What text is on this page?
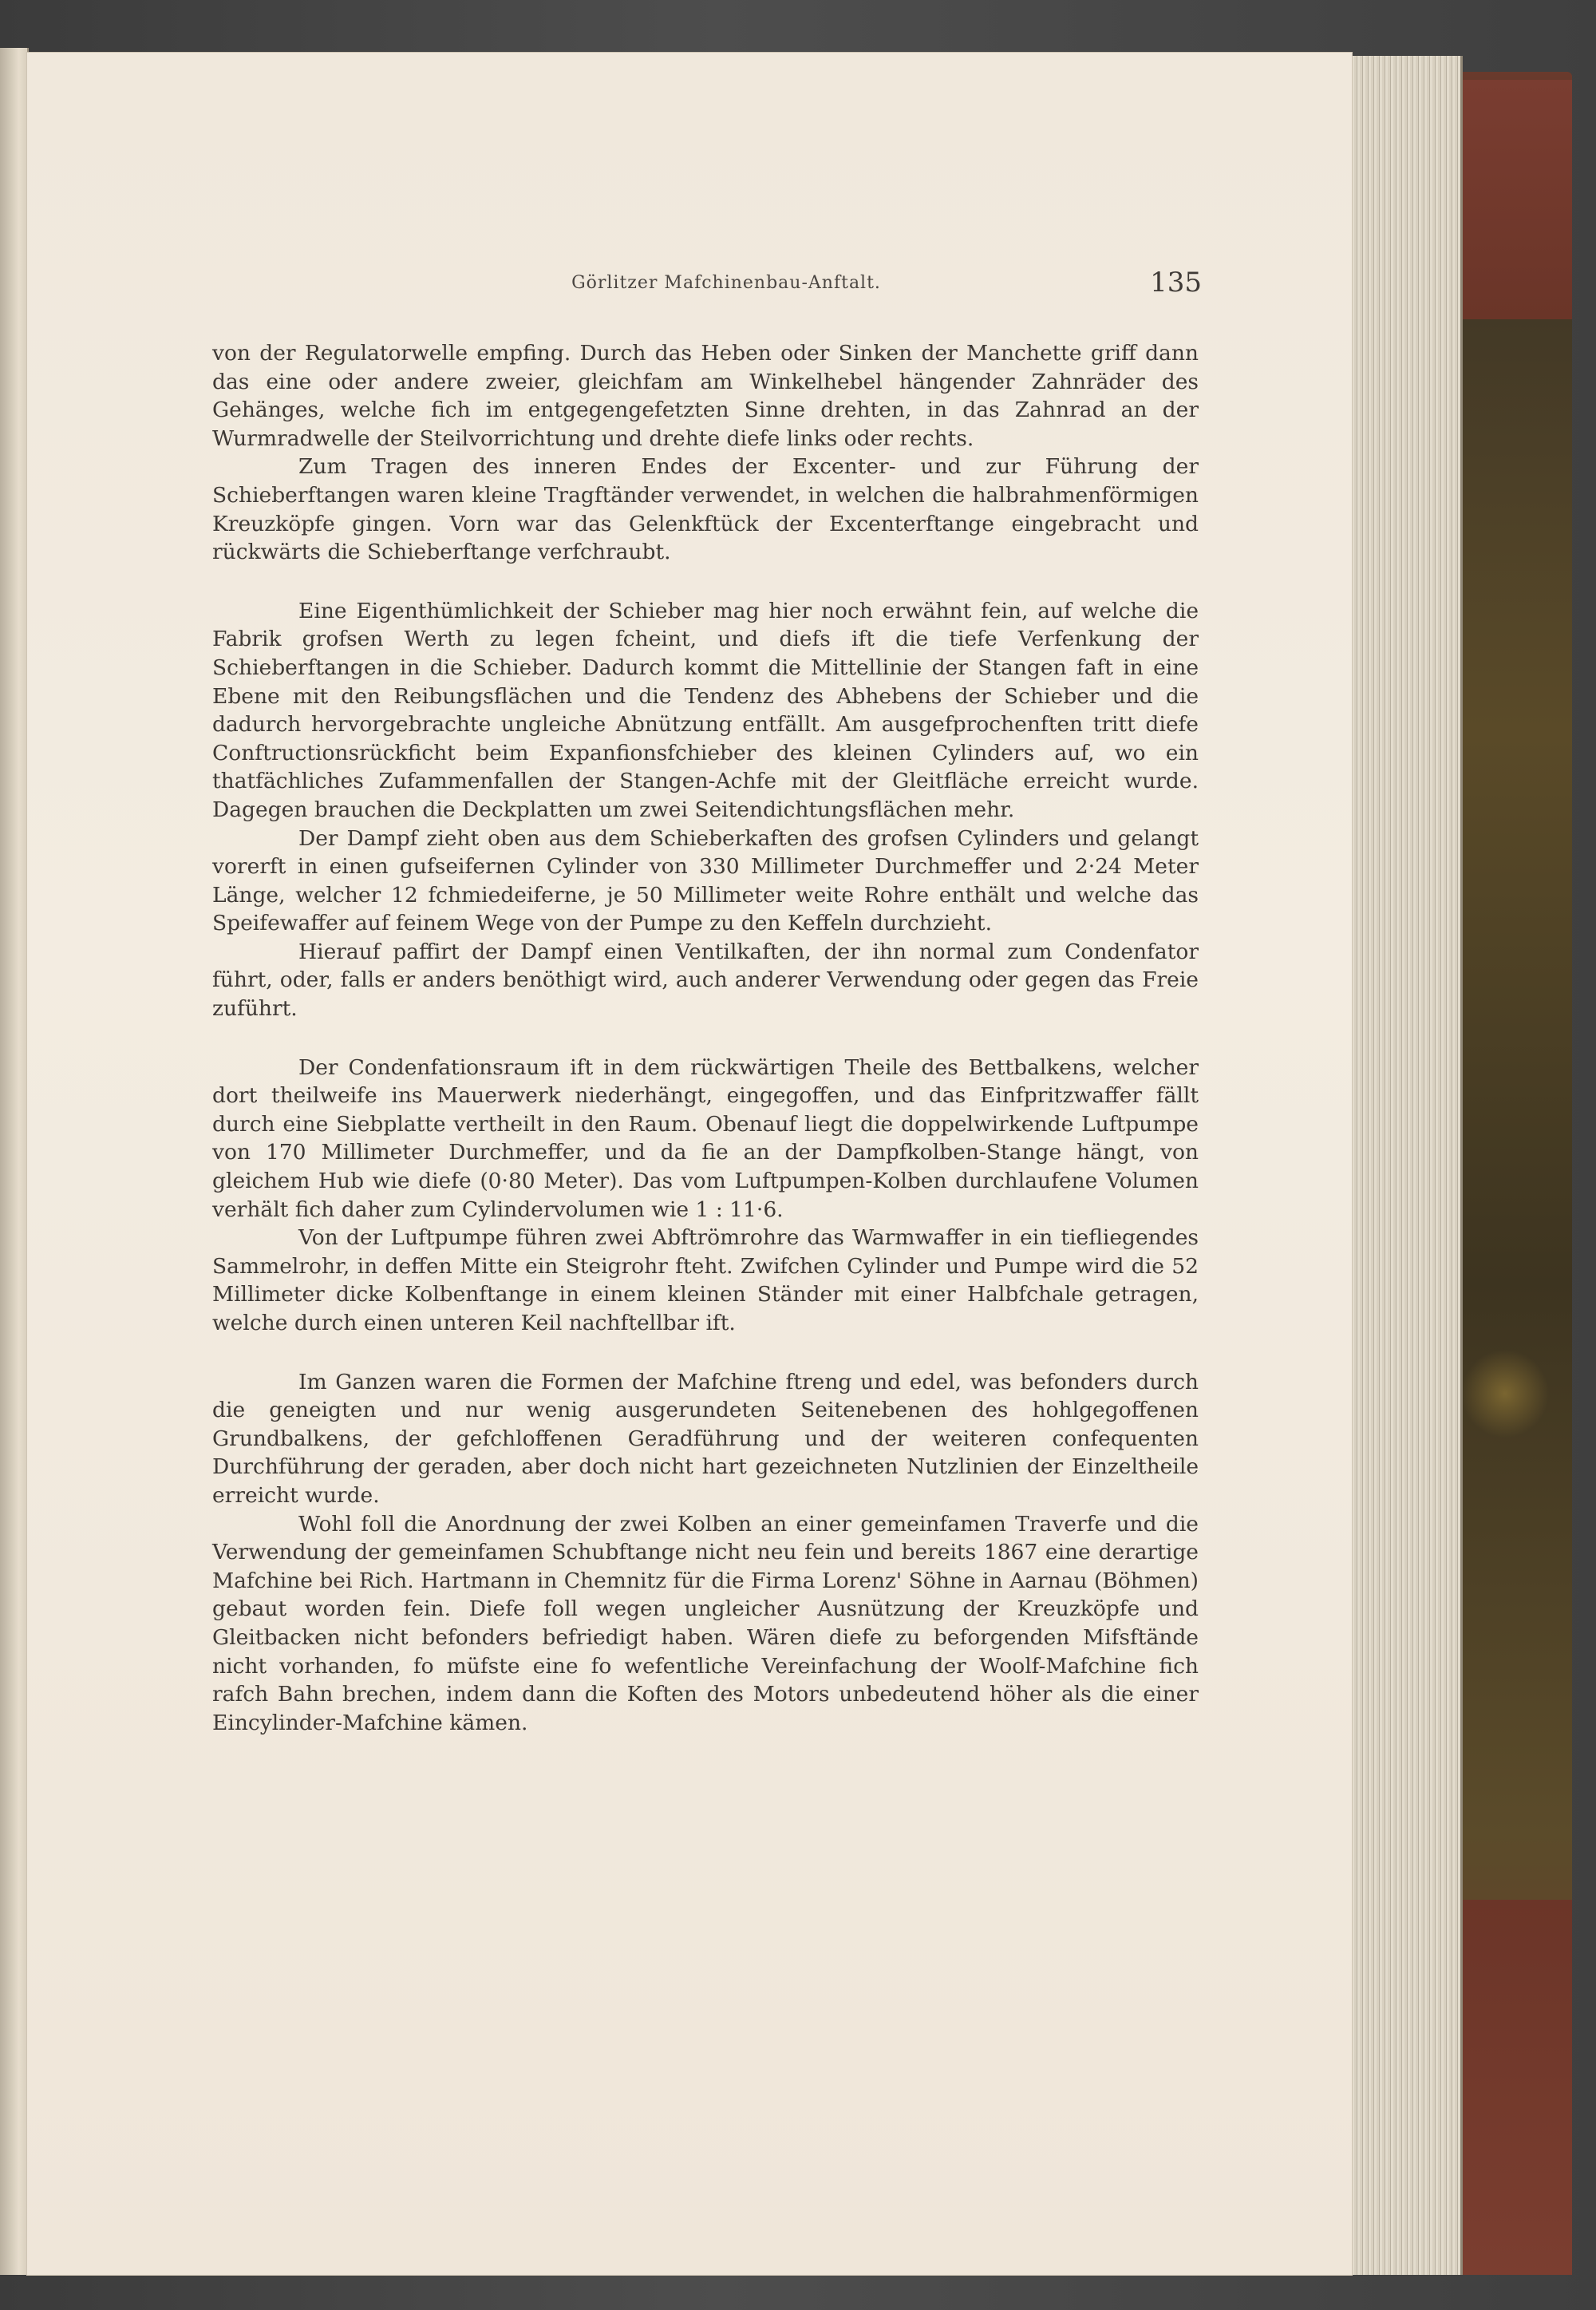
Görlitzer Mafchinenbau-Anftalt.	135

von der Regulatorwelle empfing. Durch das Heben oder Sinken der Manchette griff dann das eine oder andere zweier, gleichfam am Winkelhebel hängender Zahnräder des Gehänges, welche fich im entgegengefetzten Sinne drehten, in das Zahnrad an der Wurmradwelle der Steilvorrichtung und drehte diefe links oder rechts.

Zum Tragen des inneren Endes der Excenter- und zur Führung der Schieberftangen waren kleine Tragftänder verwendet, in welchen die halbrahmenförmigen Kreuzköpfe gingen. Vorn war das Gelenkftück der Excenterftange eingebracht und rückwärts die Schieberftange verfchraubt.

Eine Eigenthümlichkeit der Schieber mag hier noch erwähnt fein, auf welche die Fabrik grofsen Werth zu legen fcheint, und diefs ift die tiefe Verfenkung der Schieberftangen in die Schieber. Dadurch kommt die Mittellinie der Stangen faft in eine Ebene mit den Reibungsflächen und die Tendenz des Abhebens der Schieber und die dadurch hervorgebrachte ungleiche Abnützung entfällt. Am ausgefprochenften tritt diefe Conftructionsrückficht beim Expanfionsfchieber des kleinen Cylinders auf, wo ein thatfächliches Zufammenfallen der Stangen-Achfe mit der Gleitfläche erreicht wurde. Dagegen brauchen die Deckplatten um zwei Seitendichtungsflächen mehr.

Der Dampf zieht oben aus dem Schieberkaften des grofsen Cylinders und gelangt vorerft in einen gufseifernen Cylinder von 330 Millimeter Durchmeffer und 2·24 Meter Länge, welcher 12 fchmiedeiferne, je 50 Millimeter weite Rohre enthält und welche das Speifewaffer auf feinem Wege von der Pumpe zu den Keffeln durchzieht.

Hierauf paffirt der Dampf einen Ventilkaften, der ihn normal zum Condenfator führt, oder, falls er anders benöthigt wird, auch anderer Verwendung oder gegen das Freie zuführt.

Der Condenfationsraum ift in dem rückwärtigen Theile des Bettbalkens, welcher dort theilweife ins Mauerwerk niederhängt, eingegoffen, und das Einfpritzwaffer fällt durch eine Siebplatte vertheilt in den Raum. Obenauf liegt die doppelwirkende Luftpumpe von 170 Millimeter Durchmeffer, und da fie an der Dampfkolben-Stange hängt, von gleichem Hub wie diefe (0·80 Meter). Das vom Luftpumpen-Kolben durchlaufene Volumen verhält fich daher zum Cylindervolumen wie 1 : 11·6.

Von der Luftpumpe führen zwei Abftrömrohre das Warmwaffer in ein tiefliegendes Sammelrohr, in deffen Mitte ein Steigrohr fteht. Zwifchen Cylinder und Pumpe wird die 52 Millimeter dicke Kolbenftange in einem kleinen Ständer mit einer Halbfchale getragen, welche durch einen unteren Keil nachftellbar ift.

Im Ganzen waren die Formen der Mafchine ftreng und edel, was befonders durch die geneigten und nur wenig ausgerundeten Seitenebenen des hohlgegoffenen Grundbalkens, der gefchloffenen Geradführung und der weiteren confequenten Durchführung der geraden, aber doch nicht hart gezeichneten Nutzlinien der Einzeltheile erreicht wurde.

Wohl foll die Anordnung der zwei Kolben an einer gemeinfamen Traverfe und die Verwendung der gemeinfamen Schubftange nicht neu fein und bereits 1867 eine derartige Mafchine bei Rich. Hartmann in Chemnitz für die Firma Lorenz' Söhne in Aarnau (Böhmen) gebaut worden fein. Diefe foll wegen ungleicher Ausnützung der Kreuzköpfe und Gleitbacken nicht befonders befriedigt haben. Wären diefe zu beforgenden Mifsftände nicht vorhanden, fo müfste eine fo wefentliche Vereinfachung der Woolf-Mafchine fich rafch Bahn brechen, indem dann die Koften des Motors unbedeutend höher als die einer Eincylinder-Mafchine kämen.
